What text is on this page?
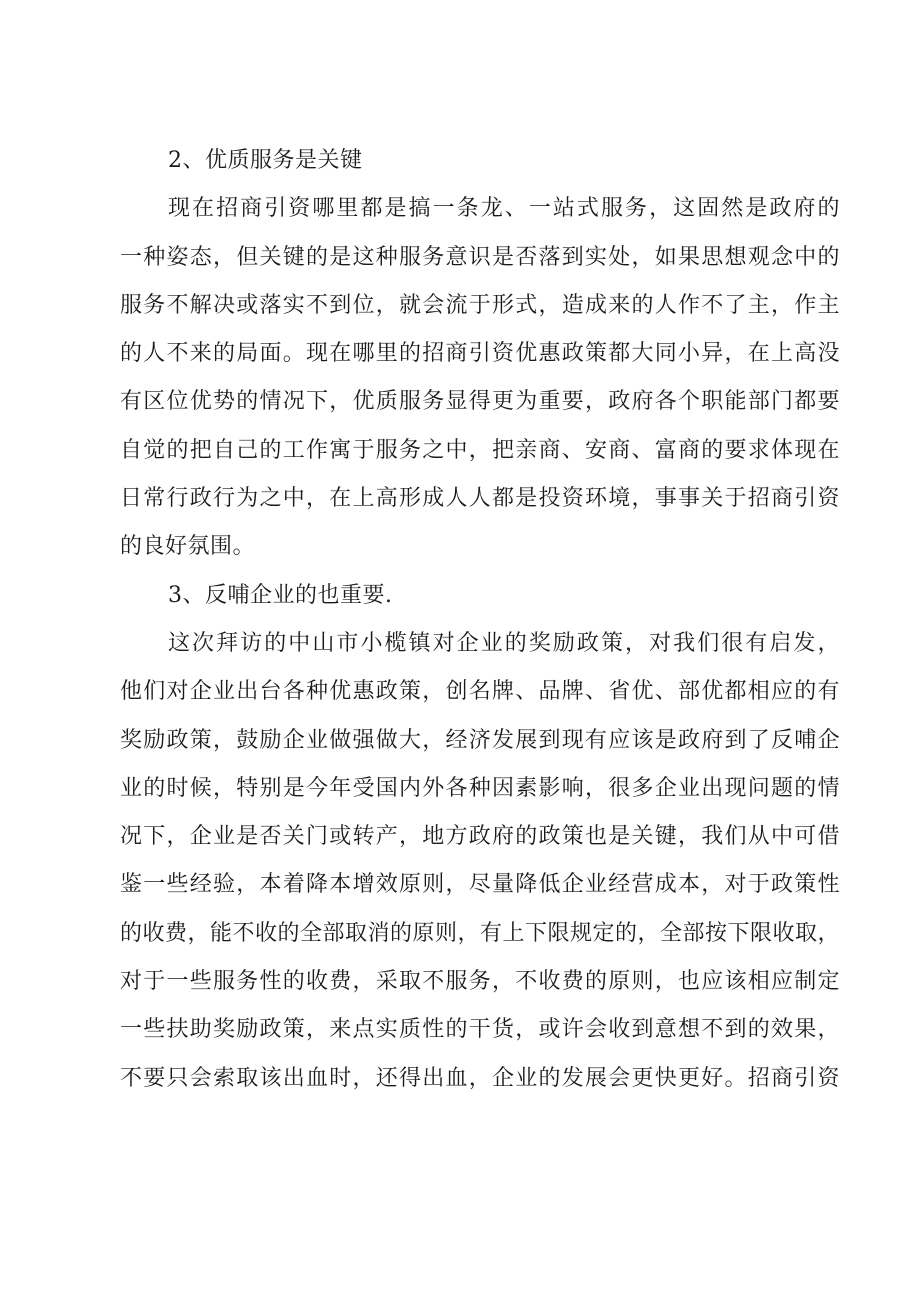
2、优质服务是关键
现在招商引资哪里都是搞一条龙、一站式服务，这固然是政府的
一种姿态，但关键的是这种服务意识是否落到实处，如果思想观念中的
服务不解决或落实不到位，就会流于形式，造成来的人作不了主，作主
的人不来的局面。现在哪里的招商引资优惠政策都大同小异，在上高没
有区位优势的情况下，优质服务显得更为重要，政府各个职能部门都要
自觉的把自己的工作寓于服务之中，把亲商、安商、富商的要求体现在
日常行政行为之中，在上高形成人人都是投资环境，事事关于招商引资
的良好氛围。
3、反哺企业的也重要.
这次拜访的中山市小榄镇对企业的奖励政策，对我们很有启发，
他们对企业出台各种优惠政策，创名牌、品牌、省优、部优都相应的有
奖励政策，鼓励企业做强做大，经济发展到现有应该是政府到了反哺企
业的时候，特别是今年受国内外各种因素影响，很多企业出现问题的情
况下，企业是否关门或转产，地方政府的政策也是关键，我们从中可借
鉴一些经验，本着降本增效原则，尽量降低企业经营成本，对于政策性
的收费，能不收的全部取消的原则，有上下限规定的，全部按下限收取，
对于一些服务性的收费，采取不服务，不收费的原则，也应该相应制定
一些扶助奖励政策，来点实质性的干货，或许会收到意想不到的效果，
不要只会索取该出血时，还得出血，企业的发展会更快更好。招商引资
